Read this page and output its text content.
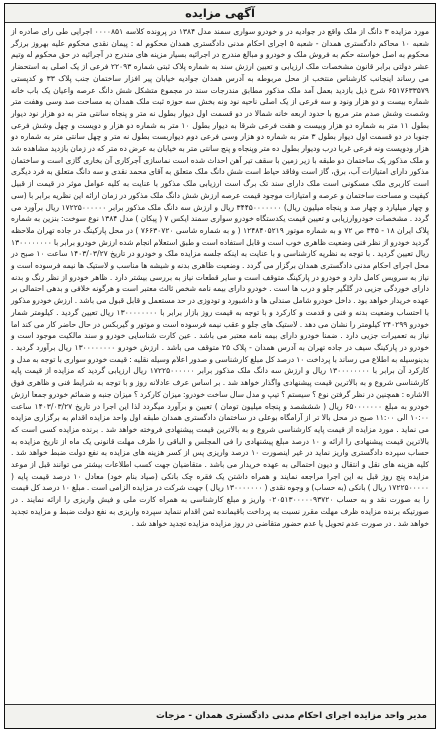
آگهی مزایده

مورد مزایده ۳ دانگ از ملک واقع در جوادیه در و خودرو سواری سمند مدل ۱۳۸۴ در پرونده کلاسه ۰۰۰۰۸۵۱ اجرایی طی رای صادره از شعبه ۱۰ محاکم دادگستری همدان - شعبه ۵ اجرای احکام مدنی دادگستری همدان محکوم له : پیمان نقدی محکوم علیه بهروز برزگر محکوم به اصل خواسته حکم به فروش ملک و خودرو و مبالغ مندرج در اجرائیه بسیار مزینه های مندرج در آجرائیه در حق محکوم له وتیم عشر دولتی برابر قانون مشخصات ملک ارزیابی و تعیین ارزش سند به شماره پلاک ثبتی شماره ۲۲۰۹۳ فرعی از یک اصلی به استحضار می رساند اینجانب کارشناس منتخب از محل مربوطه به آدرس همدان جوادیه خیابان پیر افزار ساختمان جنب پلاک ۳۳ و کدپستی ۶۵۱۷۶۳۳۵۷۹ شرح ذیل بازدید بعمل آمد ملک مذکور مطابق مندرجات سند در مجموع متشکل شش دانگ عرصه واعیان یک باب خانه شماره بیست و دو هزار ونود و سه فرعی از یک اصلی ناحیه نود ونه بخش سه حوزه ثبت ملک همدان به مساحت صد وسی وهفت متر وشصت وشش صدم متر مربع با حدود اربعه خانه شمالا در دو قسمت اول دیوار بطول نه متر و پنجاه سانتی متر به دو هزار نود دیوار بطول ۱۱ متر به شماره دو هزار وبیست و هفت فرعی شرقا به دیوار بطول ۱۰ متر به شماره دو هزار و دویست و چهل وشش فرعی جنوبا در دو قسمت اول دیوار بطول ۳ متر به شماره دو هزار وسی فرعی دوم دیواربست بطول نه متر و چهل سانتی متر به شماره دو هزار ودویست ونه فرعی غربا درب ودیوار بطول ده متر وپنجاه و پنج سانتی متر به خیابان به عرض ده متر که در زمان بازدید مشاهده شد و ملک مذکور یک ساختمان دو طبقه با زیر زمین با سقف تیر آهن احداث شده است نماسازی آجرکاری آن بخاری گازی است و ساختمان مذکور دارای امتیازات آب، برق، گاز است وفاقد حیاط است شش دانگ ملک متعلق به آقای محمد نقدی و سه دانگ متعلق به فرد دیگری است کاربری ملک مسکونی است ملک دارای سند تک برگ است ارزیابی ملک مذکور با عنایت به کلیه عوامل موثر در قیمت از قبیل کیفیت و مساحت ساختمان و عرصه و امتیازات موجود قیمت عرصه ارزش شش دانگ ملک مذکور در زمان ارائه این نظریه برابر با (سی و چهار میلیارد و چهار صد و پنجاه میلیون ریال) ۳۴۴۵۰۰۰۰۰۰۰ ریال و ارزش سه دانگ ملک مذکور برابر ۱۷۲۲۵۰۰۰۰۰۰ ریال برآورد می گردد . مشخصات خودروارزیابی و تعیین قیمت یکدستگاه خودرو سواری سمند ایکس ۷ ( پیکان ) مدل ۱۳۸۴ نوع سوخت: بنزین به شماره پلاک ایران ۱۸ - ۳۴۵ ص ۷۲ و به شماره موتور ۱۲۴۸۴۰۵۲۱۹ ( و به شماره شاسی ۷۶۶۳۰۷۲۰ ) در محل پارکینگ در جاده تهران ملاحظه گردید خودرو از نظر فنی وضعیت ظاهری خوب است و قابل استفاده است و طبق استعلام انجام شده ارزش خودرو برابر با ۱۳۰۰۰۰۰۰۰۰ ریال تعیین گردید . با توجه به نظریه کارشناسی و با عنایت به اینکه جلسه مزایده ملک و خودرو در تاریخ ۱۴۰۳/۰۳/۲۷ ساعت ۱۰ صبح در محل اجرای احکام مدنی دادگستری همدان برگزار می گردد . وضعیت ظاهری بدنه و شیشه ها مناسب و لاستیک ها نیمه فرسوده است و نیاز به سرویس کامل دارد و خودرو در پارکینگ متوقف است و سایر قطعات نیاز به بررسی بیشتر دارد . ظاهر خودرو از نظر رنگ و بدنه دارای خوردگی جزیی در گلگیر جلو و درب ها است . خودرو دارای بیمه نامه شخص ثالث معتبر است و هرگونه خلافی و بدهی احتمالی بر عهده خریدار خواهد بود . داخل خودرو شامل صندلی ها و داشبورد و تودوزی در حد مستعمل و قابل قبول می باشد . ارزش خودرو مذکور با احتساب وضعیت بدنه و فنی و قدمت و کارکرد و با توجه به قیمت روز بازار برابر با ۱۳۰۰۰۰۰۰۰۰ ریال تعیین گردید . کیلومتر شمار خودرو ۲۴۰۲۹۹ کیلومتر را نشان می دهد . لاستیک های جلو و عقب نیمه فرسوده است و موتور و گیربکس در حال حاضر کار می کند اما نیاز به تعمیرات جزیی دارد . ضمنا خودرو دارای بیمه نامه معتبر می باشد . عین کارت شناسایی خودرو و سند مالکیت موجود است و خودرو در پارکینگ سیف در جاده تهران به آدرس همدان - پلاک ۲۵ متوقف می باشد . ارزش خودرو ۱۳۰۰۰۰۰۰۰۰ ریال برآورد گردید . بدینوسیله به اطلاع می رساند با پرداخت ۱۰ درصد کل مبلغ کارشناسی و صدور اعلام وسیله نقلیه : قیمت خودرو سواری با توجه به مدل و کارکرد آن برابر با ۱۳۰۰۰۰۰۰۰۰ ریال و ارزش سه دانگ ملک مذکور برابر ۱۷۲۲۵۰۰۰۰۰۰ ریال ارزیابی گردید که مزایده از قیمت پایه کارشناسی شروع و به بالاترین قیمت پیشنهادی واگذار خواهد شد . بر اساس عرف عادلانه روز و با توجه به شرایط فنی و ظاهری فوق الاشاره : همچنین در نظر گرفتن نوع ؟ سیستم ؟ تیپ و مدل سال ساخت خودرو: میزان کارکرد ؟ میزان جنبه و ضمائم خودرو جمعا ارزش خودرو به مبلغ ۶۵۰۰۰۰۰۰۰ ریال ( شششصد و پنجاه میلیون تومان ) تعیین و برآورد میگردد لذا این اجرا در تاریخ ۱۴۰۳/۰۳/۲۷ ساعت ۱۰:۰۰ الی ۱۱:۰۰ صبح در محل بالا تر از آرامگاه بوعلی در ساختمان دادگستری همدان طبقه اول واحد مزایده اقدام به برگزاری مزایده می نماید . مورد مزایده از قیمت پایه کارشناسی شروع و به بالاترین قیمت پیشنهادی فروخته خواهد شد . برنده مزایده کسی است که بالاترین قیمت پیشنهادی را ارائه و ۱۰ درصد مبلغ پیشنهادی را فی المجلس و الباقی را ظرف مهلت قانونی یک ماه از تاریخ مزایده به حساب سپرده دادگستری واریز نماید در غیر اینصورت ۱۰ درصد واریزی پس از کسر هزینه های مزایده به نفع دولت ضبط خواهد شد . کلیه هزینه های نقل و انتقال و دیون احتمالی به عهده خریدار می باشد . متقاضیان جهت کسب اطلاعات بیشتر می توانند قبل از موعد مزایده پنج روز قبل به این اجرا مراجعه نمایند و همراه داشتن یک فقره چک بانکی (صیاد بنام خود) معادل ۱۰ درصد قیمت پایه ( ۱۷۲۲۵۰۰۰۰۰ ریال ) بانکی (به حساب) و وجوه نقدی ( ۱۳۰۰۰۰۰۰۰ ریال ) جهت شرکت در مزایده الزامی است . مبلغ ۱۰ درصد کل قیمت را به صورت نقد و به حساب ۰۲۰۵۱۳۰۰۰۰۰۹۳۷۲۰ واریز و مبلغ کارشناسی به همراه کارت ملی و فیش واریزی را ارائه نمایند . در صورتیکه برنده مزایده ظرف مهلت مقرر نسبت به پرداخت باقیمانده ثمن اقدام ننماید سپرده واریزی به نفع دولت ضبط و مزایده تجدید خواهد شد . در صورت عدم تحویل یا عدم حضور متقاضی در روز مزایده مزایده تجدید خواهد شد .

مدیر واحد مزایده اجرای احکام مدنی دادگستری همدان - مزجات
